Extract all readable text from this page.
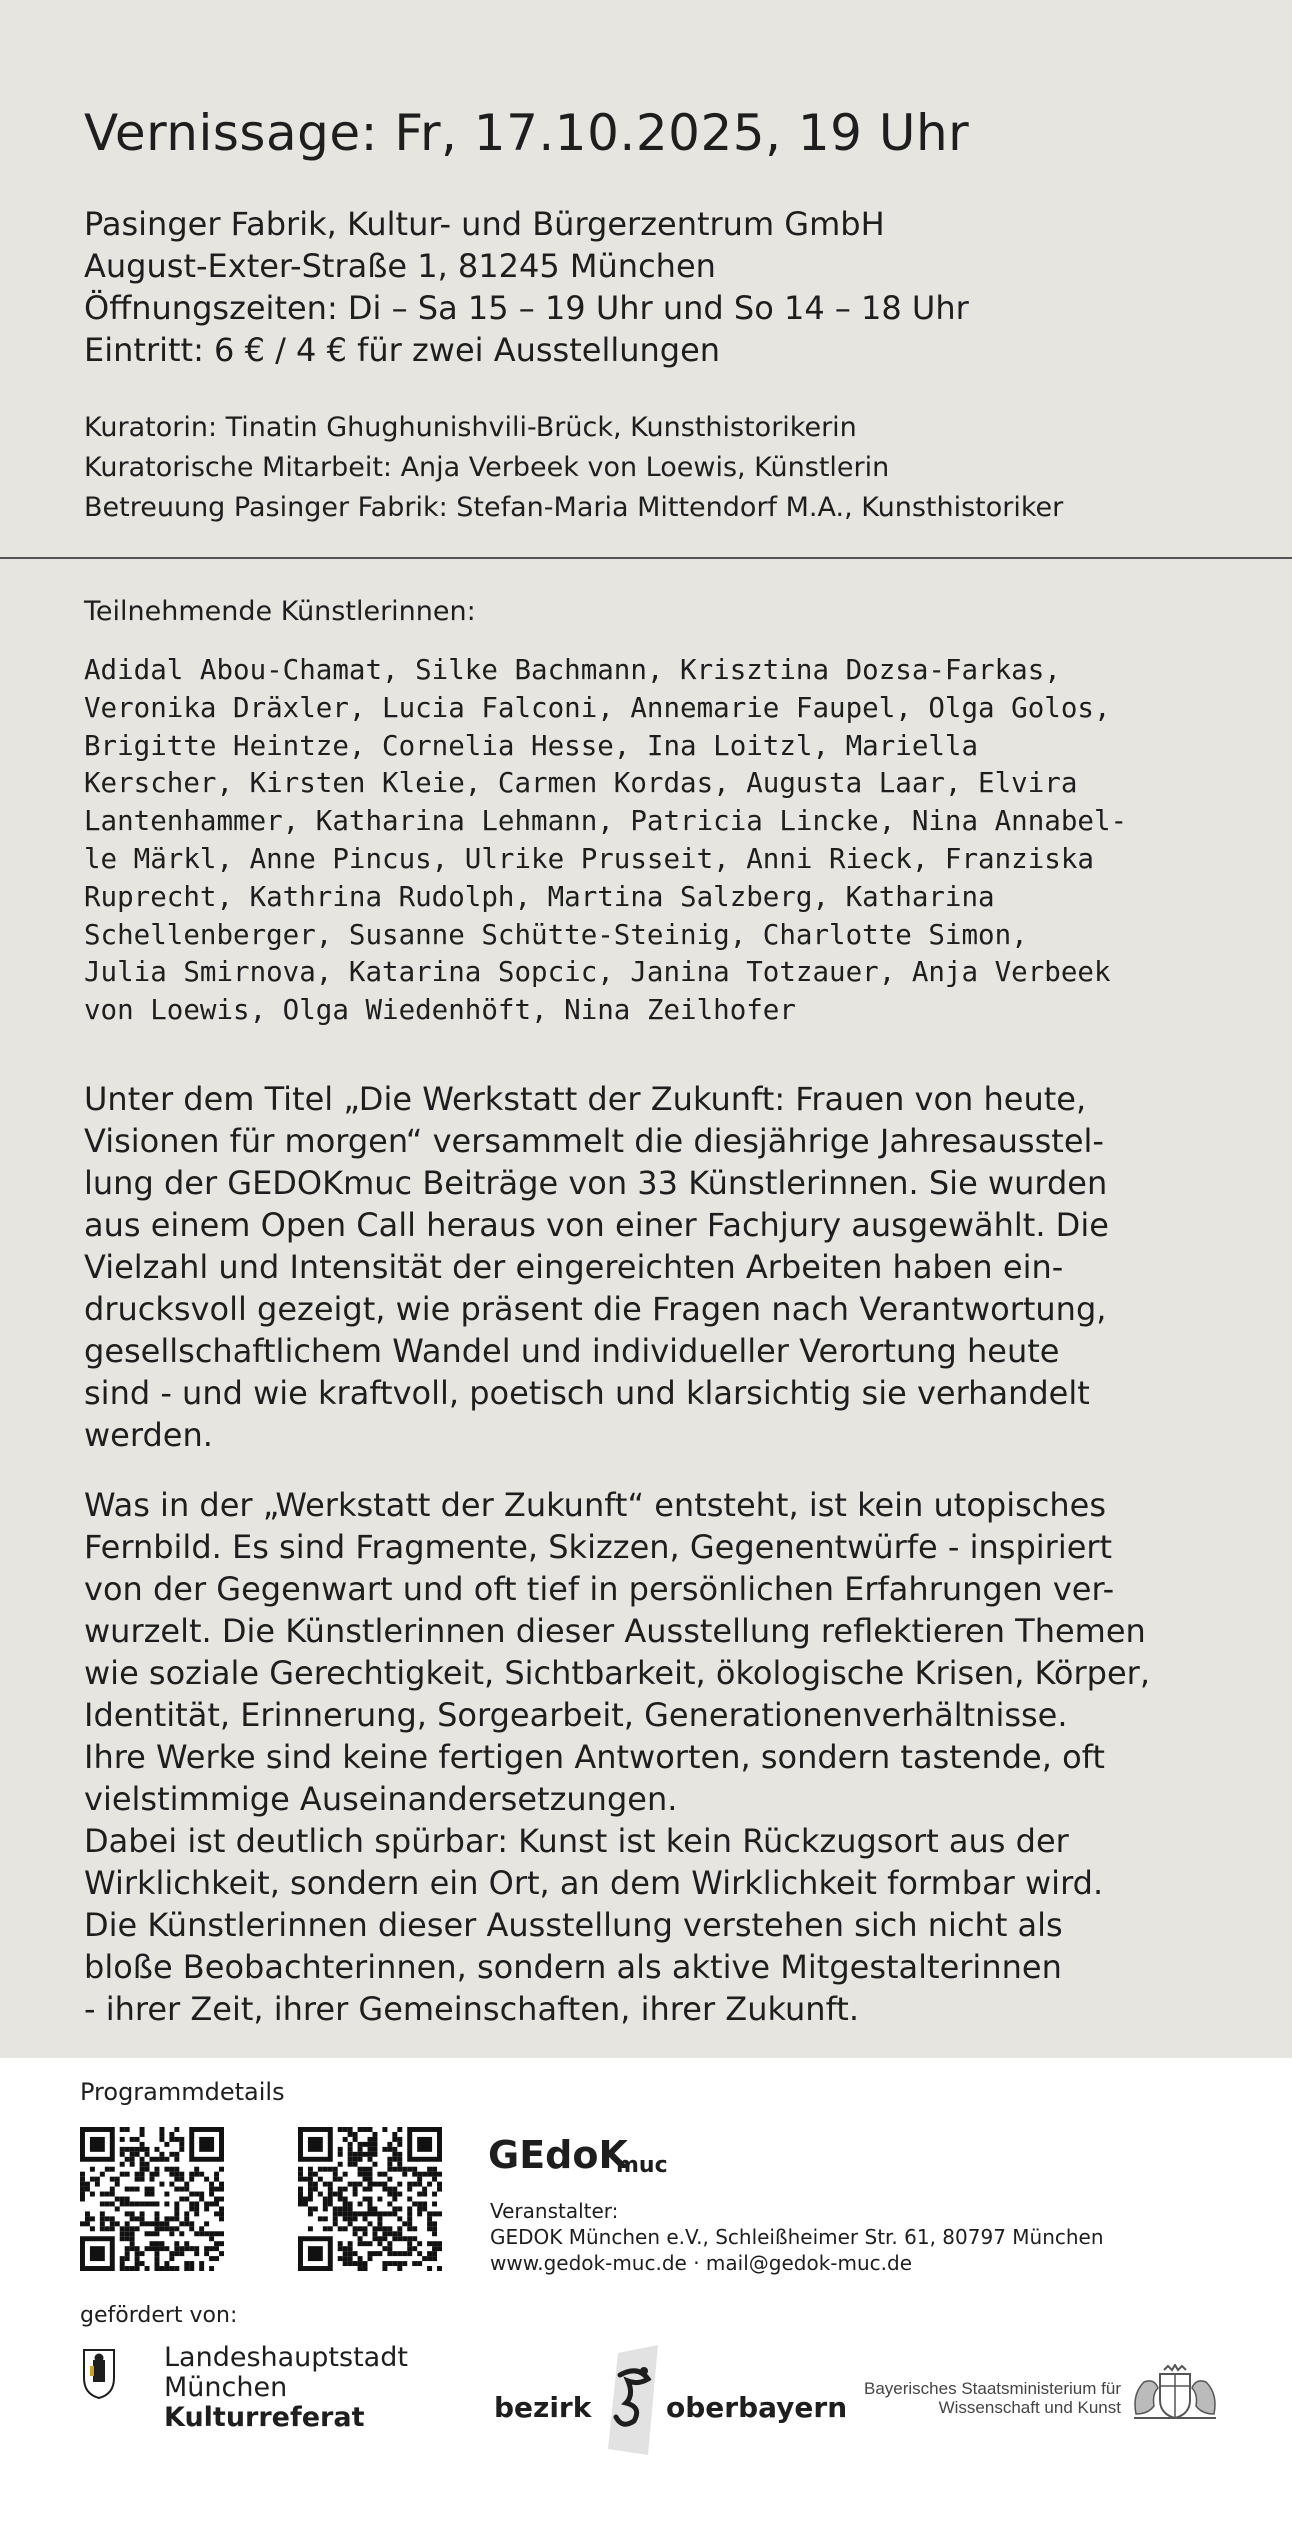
Vernissage: Fr, 17.10.2025, 19 Uhr
Pasinger Fabrik, Kultur- und Bürgerzentrum GmbH
August-Exter-Straße 1, 81245 München
Öffnungszeiten: Di – Sa 15 – 19 Uhr und So 14 – 18 Uhr
Eintritt: 6 € / 4 € für zwei Ausstellungen
Kuratorin: Tinatin Ghughunishvili-Brück, Kunsthistorikerin
Kuratorische Mitarbeit: Anja Verbeek von Loewis, Künstlerin
Betreuung Pasinger Fabrik: Stefan-Maria Mittendorf M.A., Kunsthistoriker
Teilnehmende Künstlerinnen:
Adidal Abou-Chamat, Silke Bachmann, Krisztina Dozsa-Farkas,
Veronika Dräxler, Lucia Falconi, Annemarie Faupel, Olga Golos,
Brigitte Heintze, Cornelia Hesse, Ina Loitzl, Mariella
Kerscher, Kirsten Kleie, Carmen Kordas, Augusta Laar, Elvira
Lantenhammer, Katharina Lehmann, Patricia Lincke, Nina Annabel-
le Märkl, Anne Pincus, Ulrike Prusseit, Anni Rieck, Franziska
Ruprecht, Kathrina Rudolph, Martina Salzberg, Katharina
Schellenberger, Susanne Schütte-Steinig, Charlotte Simon,
Julia Smirnova, Katarina Sopcic, Janina Totzauer, Anja Verbeek
von Loewis, Olga Wiedenhöft, Nina Zeilhofer
Unter dem Titel „Die Werkstatt der Zukunft: Frauen von heute,
Visionen für morgen“ versammelt die diesjährige Jahresausstel-
lung der GEDOKmuc Beiträge von 33 Künstlerinnen. Sie wurden
aus einem Open Call heraus von einer Fachjury ausgewählt. Die
Vielzahl und Intensität der eingereichten Arbeiten haben ein-
drucksvoll gezeigt, wie präsent die Fragen nach Verantwortung,
gesellschaftlichem Wandel und individueller Verortung heute
sind - und wie kraftvoll, poetisch und klarsichtig sie verhandelt
werden.
Was in der „Werkstatt der Zukunft“ entsteht, ist kein utopisches
Fernbild. Es sind Fragmente, Skizzen, Gegenentwürfe - inspiriert
von der Gegenwart und oft tief in persönlichen Erfahrungen ver-
wurzelt. Die Künstlerinnen dieser Ausstellung reflektieren Themen
wie soziale Gerechtigkeit, Sichtbarkeit, ökologische Krisen, Körper,
Identität, Erinnerung, Sorgearbeit, Generationenverhältnisse.
Ihre Werke sind keine fertigen Antworten, sondern tastende, oft
vielstimmige Auseinandersetzungen.
Dabei ist deutlich spürbar: Kunst ist kein Rückzugsort aus der
Wirklichkeit, sondern ein Ort, an dem Wirklichkeit formbar wird.
Die Künstlerinnen dieser Ausstellung verstehen sich nicht als
bloße Beobachterinnen, sondern als aktive Mitgestalterinnen
- ihrer Zeit, ihrer Gemeinschaften, ihrer Zukunft.
Programmdetails
GEdoK
muc
Veranstalter:
GEDOK München e.V., Schleißheimer Str. 61, 80797 München
www.gedok-muc.de · mail@gedok-muc.de
gefördert von:
Landeshauptstadt
München
Kulturreferat	bezirk	oberbayern
Bayerisches Staatsministerium für
Wissenschaft und Kunst
